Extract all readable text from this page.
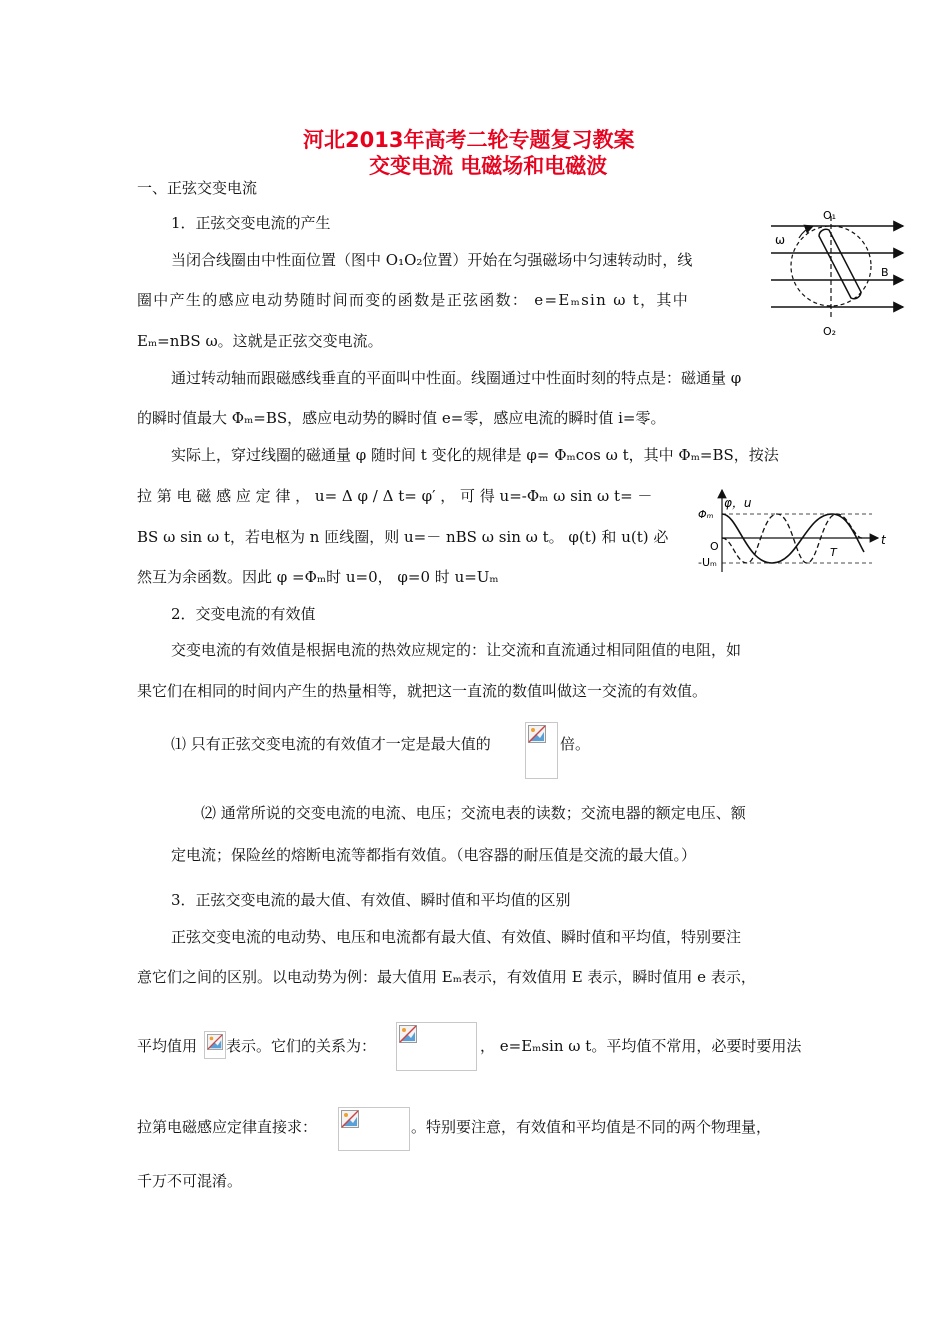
河北2013年高考二轮专题复习教案
交变电流 电磁场和电磁波
一、正弦交变电流
1．正弦交变电流的产生
当闭合线圈由中性面位置（图中 O₁O₂位置）开始在匀强磁场中匀速转动时，线
圈中产生的感应电动势随时间而变的函数是正弦函数： e=Eₘsin ω t，其中
Eₘ=nBS ω。这就是正弦交变电流。
通过转动轴而跟磁感线垂直的平面叫中性面。线圈通过中性面时刻的特点是：磁通量 φ
的瞬时值最大 Φₘ=BS，感应电动势的瞬时值 e=零，感应电流的瞬时值 i=零。
实际上，穿过线圈的磁通量 φ 随时间 t 变化的规律是 φ= Φₘcos ω t，其中 Φₘ=BS，按法
拉 第 电 磁 感 应 定 律 ， u= Δ φ / Δ t= φ′ ， 可 得 u=-Φₘ ω sin ω t= －
BS ω sin ω t，若电枢为 n 匝线圈，则 u=－ nBS ω sin ω t。 φ(t) 和 u(t) 必
然互为余函数。因此 φ =Φₘ时 u=0， φ=0 时 u=Uₘ
2．交变电流的有效值
交变电流的有效值是根据电流的热效应规定的：让交流和直流通过相同阻值的电阻，如
果它们在相同的时间内产生的热量相等，就把这一直流的数值叫做这一交流的有效值。
⑴ 只有正弦交变电流的有效值才一定是最大值的	倍。
⑵ 通常所说的交变电流的电流、电压；交流电表的读数；交流电器的额定电压、额
定电流；保险丝的熔断电流等都指有效值。（电容器的耐压值是交流的最大值。）
3．正弦交变电流的最大值、有效值、瞬时值和平均值的区别
正弦交变电流的电动势、电压和电流都有最大值、有效值、瞬时值和平均值，特别要注
意它们之间的区别。以电动势为例：最大值用 Eₘ表示，有效值用 E 表示，瞬时值用 e 表示，
平均值用 表示。它们的关系为：	， e=Eₘsin ω t。平均值不常用，必要时要用法
拉第电磁感应定律直接求：	。特别要注意，有效值和平均值是不同的两个物理量，
千万不可混淆。
O₁
O₂
ω
B
φ，u
Φₘ
O
-Uₘ
t
T
